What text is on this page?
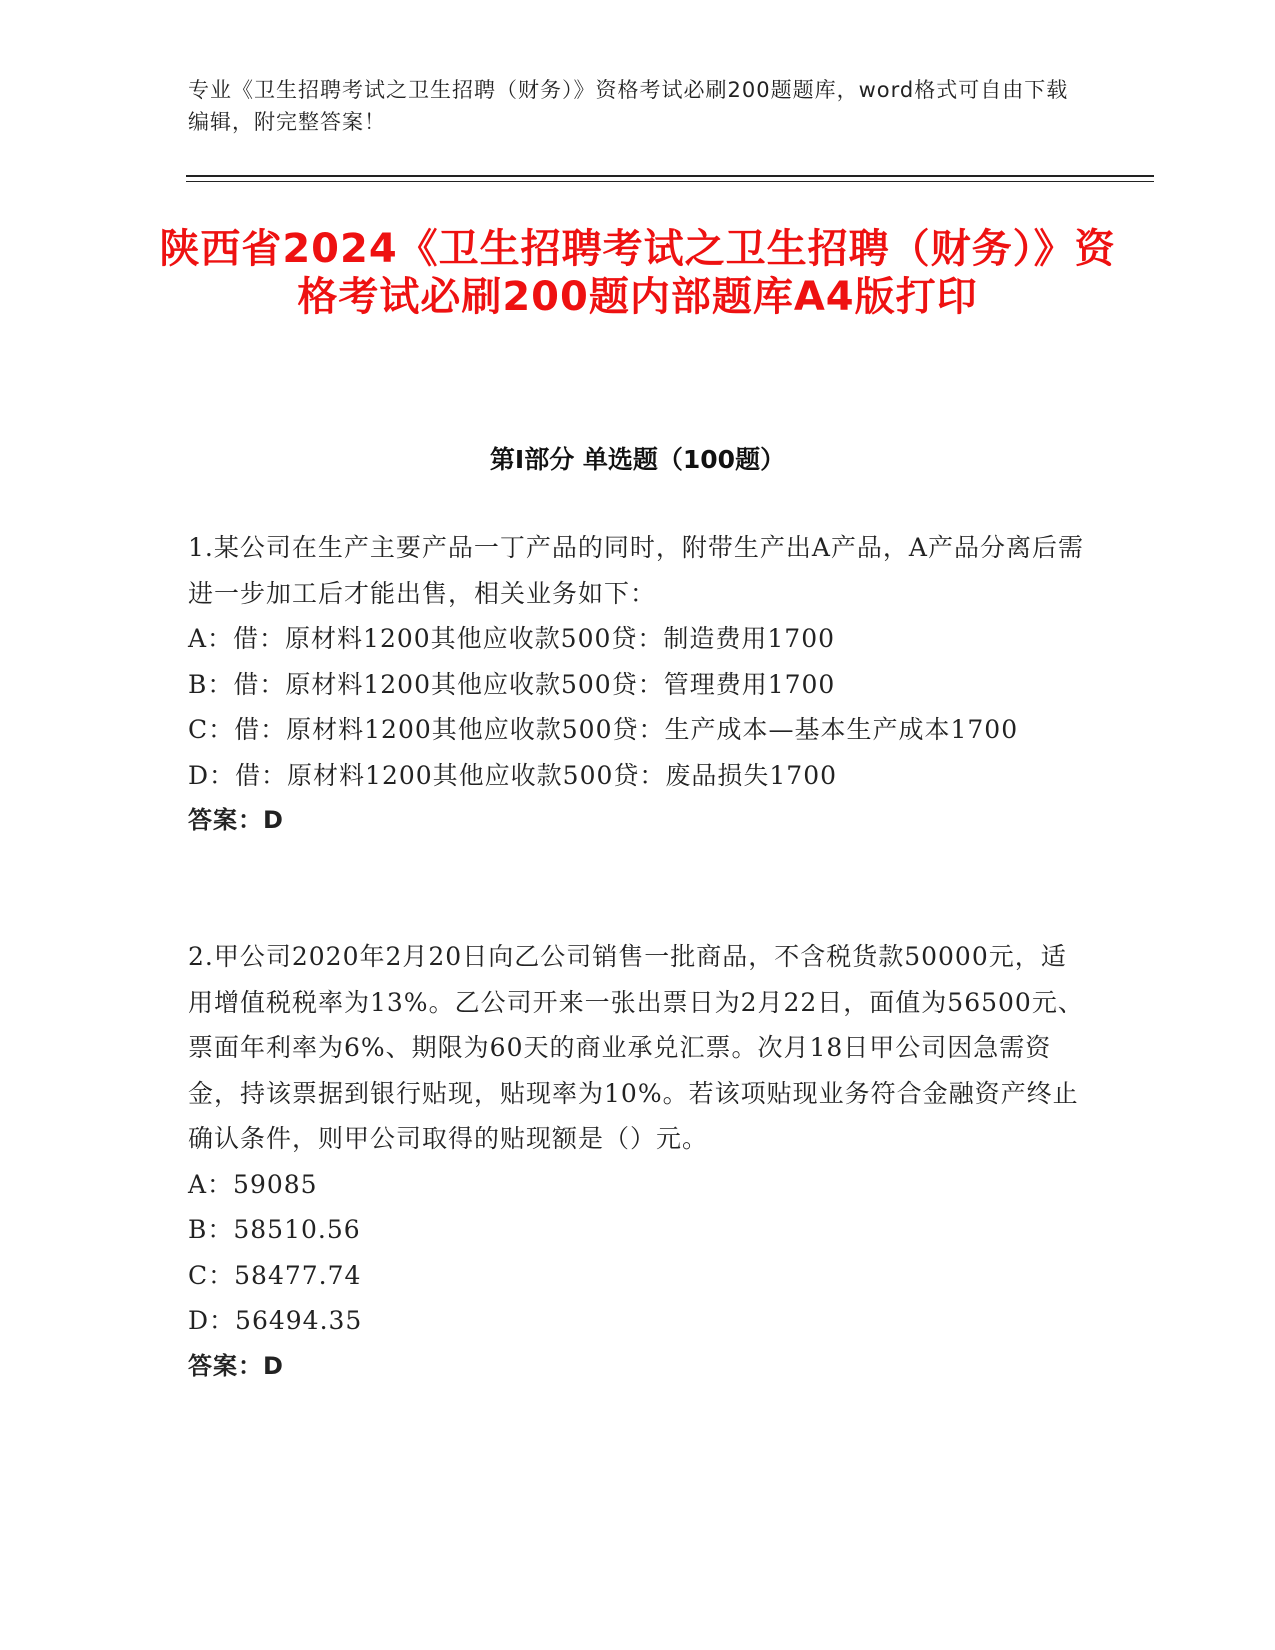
专业《卫生招聘考试之卫生招聘（财务）》资格考试必刷200题题库，word格式可自由下载编辑，附完整答案！
陕西省2024《卫生招聘考试之卫生招聘（财务）》资格考试必刷200题内部题库A4版打印
第I部分 单选题（100题）

1.某公司在生产主要产品一丁产品的同时，附带生产出A产品，A产品分离后需进一步加工后才能出售，相关业务如下：

A：借：原材料1200其他应收款500贷：制造费用1700

B：借：原材料1200其他应收款500贷：管理费用1700

C：借：原材料1200其他应收款500贷：生产成本—基本生产成本1700

D：借：原材料1200其他应收款500贷：废品损失1700

答案：D

2.甲公司2020年2月20日向乙公司销售一批商品，不含税货款50000元，适用增值税税率为13%。乙公司开来一张出票日为2月22日，面值为56500元、票面年利率为6%、期限为60天的商业承兑汇票。次月18日甲公司因急需资金，持该票据到银行贴现，贴现率为10%。若该项贴现业务符合金融资产终止确认条件，则甲公司取得的贴现额是（）元。

A：59085

B：58510.56

C：58477.74

D：56494.35

答案：D
